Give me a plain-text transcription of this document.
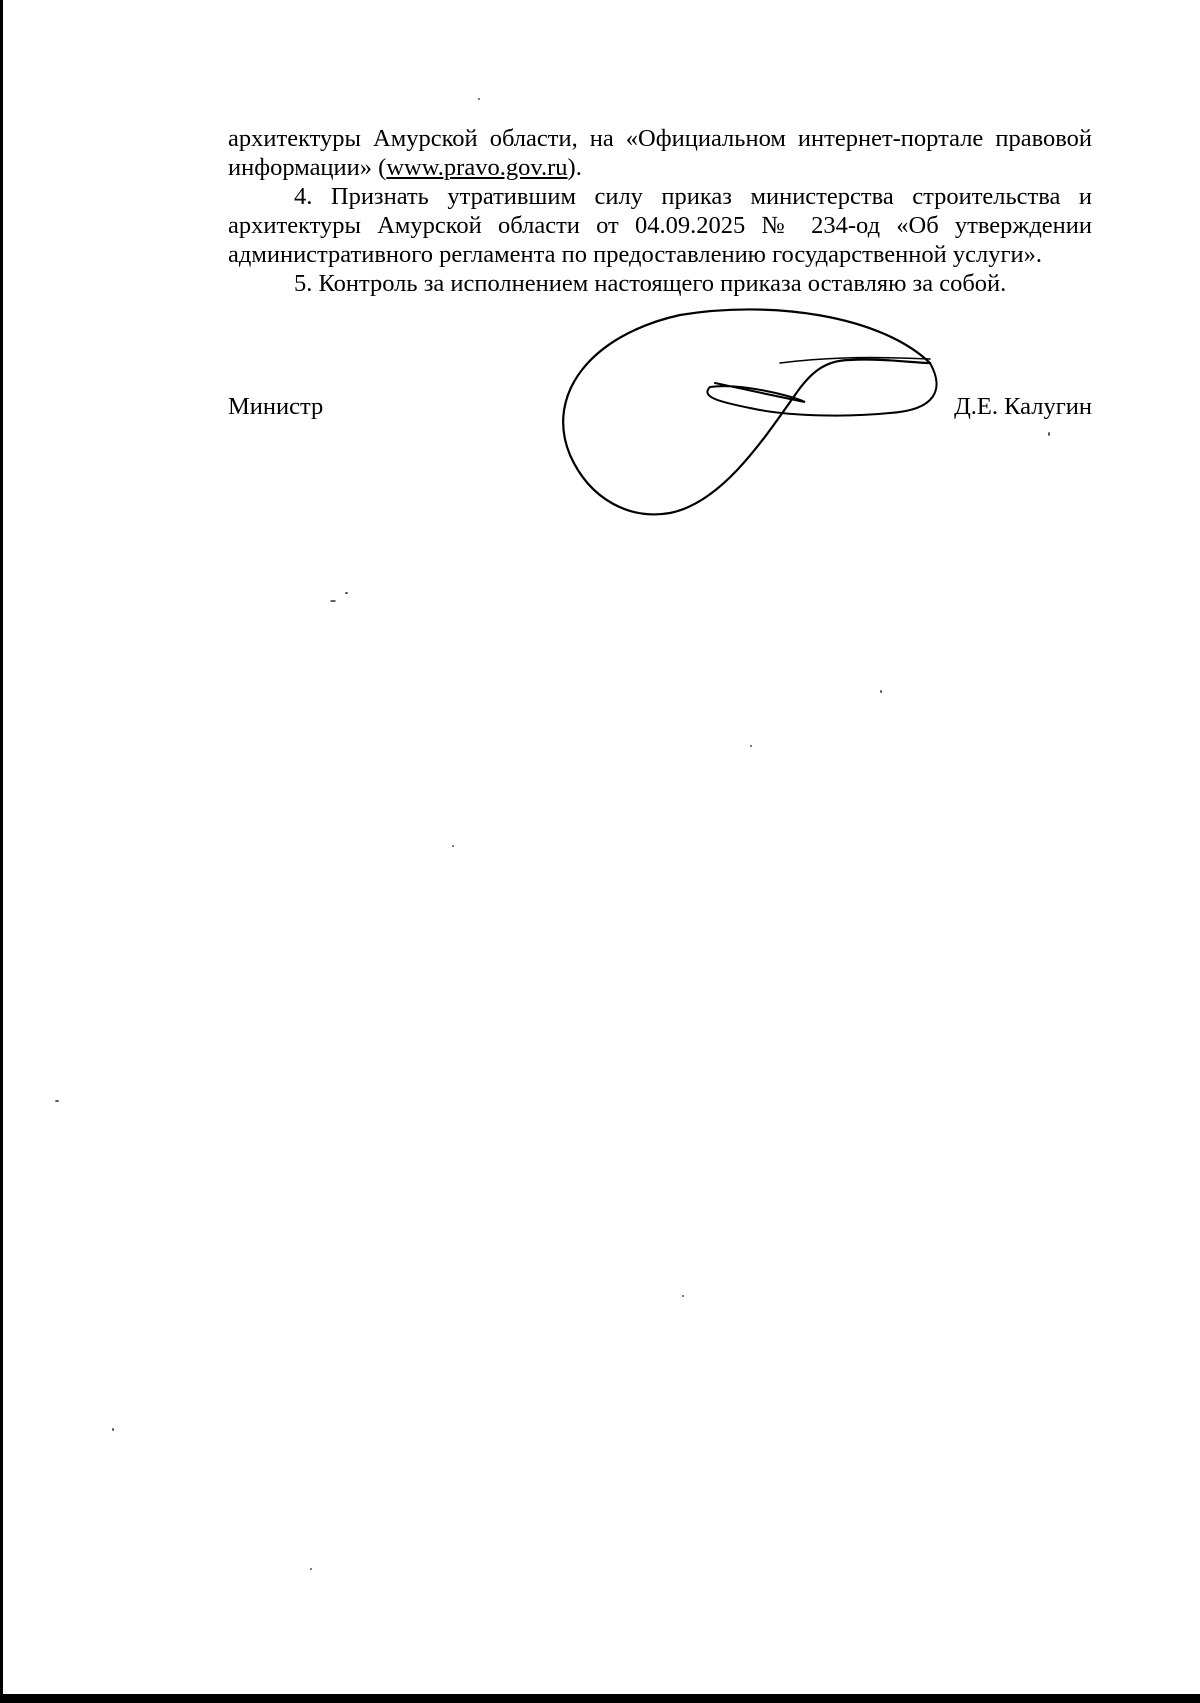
архитектуры Амурской области, на «Официальном интернет-портале правовой информации» (www.pravo.gov.ru).

4. Признать утратившим силу приказ министерства строительства и архитектуры Амурской области от 04.09.2025 № 234-од «Об утверждении административного регламента по предоставлению государственной услуги».

5. Контроль за исполнением настоящего приказа оставляю за собой.

Министр	Д.Е. Калугин
